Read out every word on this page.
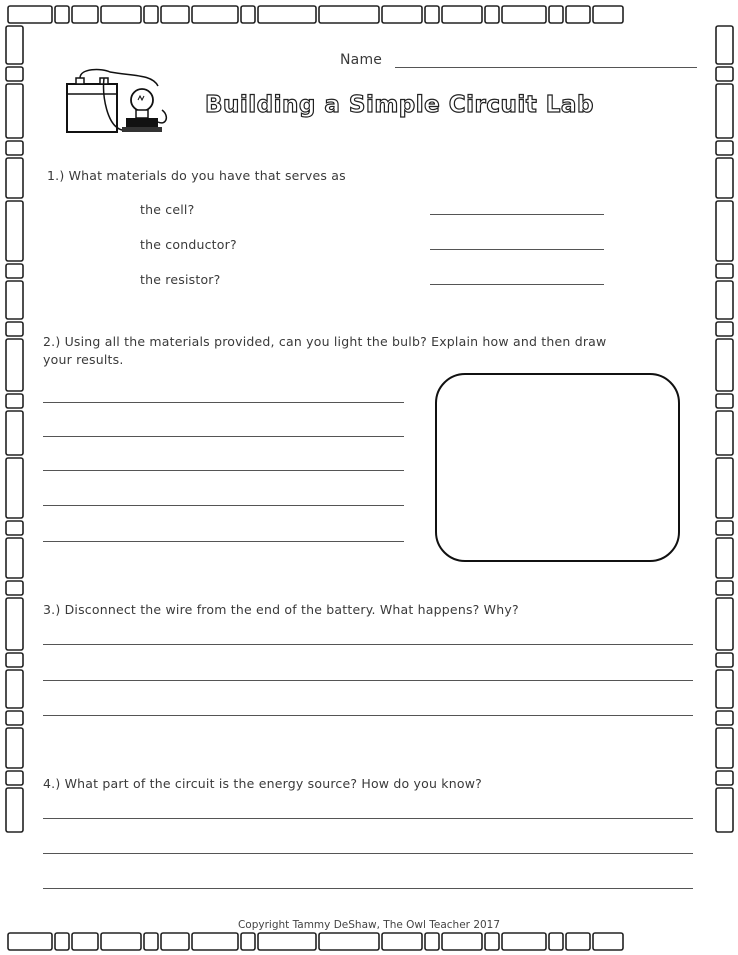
Name
Building a Simple Circuit Lab
1.) What materials do you have that serves as
the cell?
the conductor?
the resistor?
2.) Using all the materials provided, can you light the bulb? Explain how and then draw
your results.
3.) Disconnect the wire from the end of the battery. What happens? Why?
4.) What part of the circuit is the energy source? How do you know?
Copyright Tammy DeShaw, The Owl Teacher 2017
